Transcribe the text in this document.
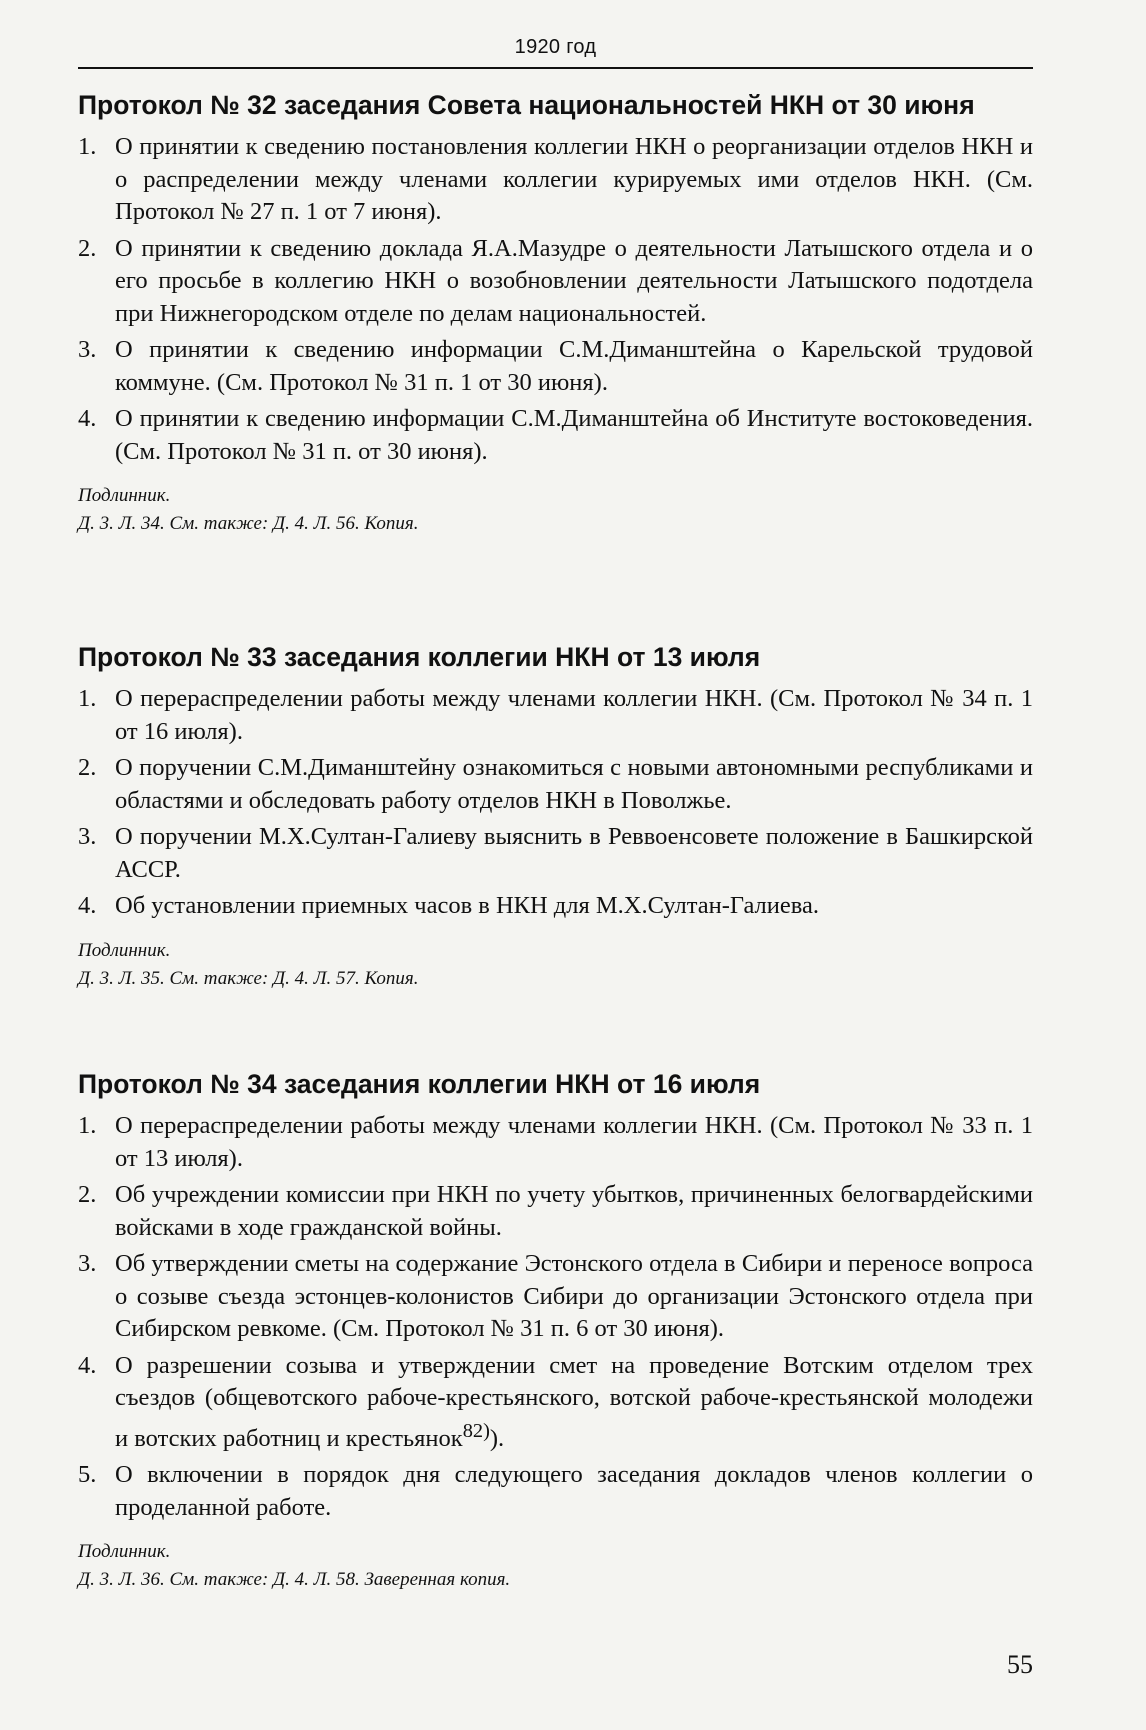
1920 год
Протокол № 32 заседания Совета национальностей НКН от 30 июня
1. О принятии к сведению постановления коллегии НКН о реорганизации отделов НКН и о распределении между членами коллегии курируемых ими отделов НКН. (См. Протокол № 27 п. 1 от 7 июня).
2. О принятии к сведению доклада Я.А.Мазудре о деятельности Латышского отдела и о его просьбе в коллегию НКН о возобновлении деятельности Латышского подотдела при Нижнегородском отделе по делам национальностей.
3. О принятии к сведению информации С.М.Диманштейна о Карельской трудовой коммуне. (См. Протокол № 31 п. 1 от 30 июня).
4. О принятии к сведению информации С.М.Диманштейна об Институте востоковедения. (См. Протокол № 31 п. от 30 июня).
Подлинник.
Д. 3. Л. 34. См. также: Д. 4. Л. 56. Копия.
Протокол № 33 заседания коллегии НКН от 13 июля
1. О перераспределении работы между членами коллегии НКН. (См. Протокол № 34 п. 1 от 16 июля).
2. О поручении С.М.Диманштейну ознакомиться с новыми автономными республиками и областями и обследовать работу отделов НКН в Поволжье.
3. О поручении М.Х.Султан-Галиеву выяснить в Реввоенсовете положение в Башкирской АССР.
4. Об установлении приемных часов в НКН для М.Х.Султан-Галиева.
Подлинник.
Д. 3. Л. 35. См. также: Д. 4. Л. 57. Копия.
Протокол № 34 заседания коллегии НКН от 16 июля
1. О перераспределении работы между членами коллегии НКН. (См. Протокол № 33 п. 1 от 13 июля).
2. Об учреждении комиссии при НКН по учету убытков, причиненных белогвардейскими войсками в ходе гражданской войны.
3. Об утверждении сметы на содержание Эстонского отдела в Сибири и переносе вопроса о созыве съезда эстонцев-колонистов Сибири до организации Эстонского отдела при Сибирском ревкоме. (См. Протокол № 31 п. 6 от 30 июня).
4. О разрешении созыва и утверждении смет на проведение Вотским отделом трех съездов (общевотского рабоче-крестьянского, вотской рабоче-крестьянской молодежи и вотских работниц и крестьянок$^{82)}$).
5. О включении в порядок дня следующего заседания докладов членов коллегии о проделанной работе.
Подлинник.
Д. 3. Л. 36. См. также: Д. 4. Л. 58. Заверенная копия.
55
